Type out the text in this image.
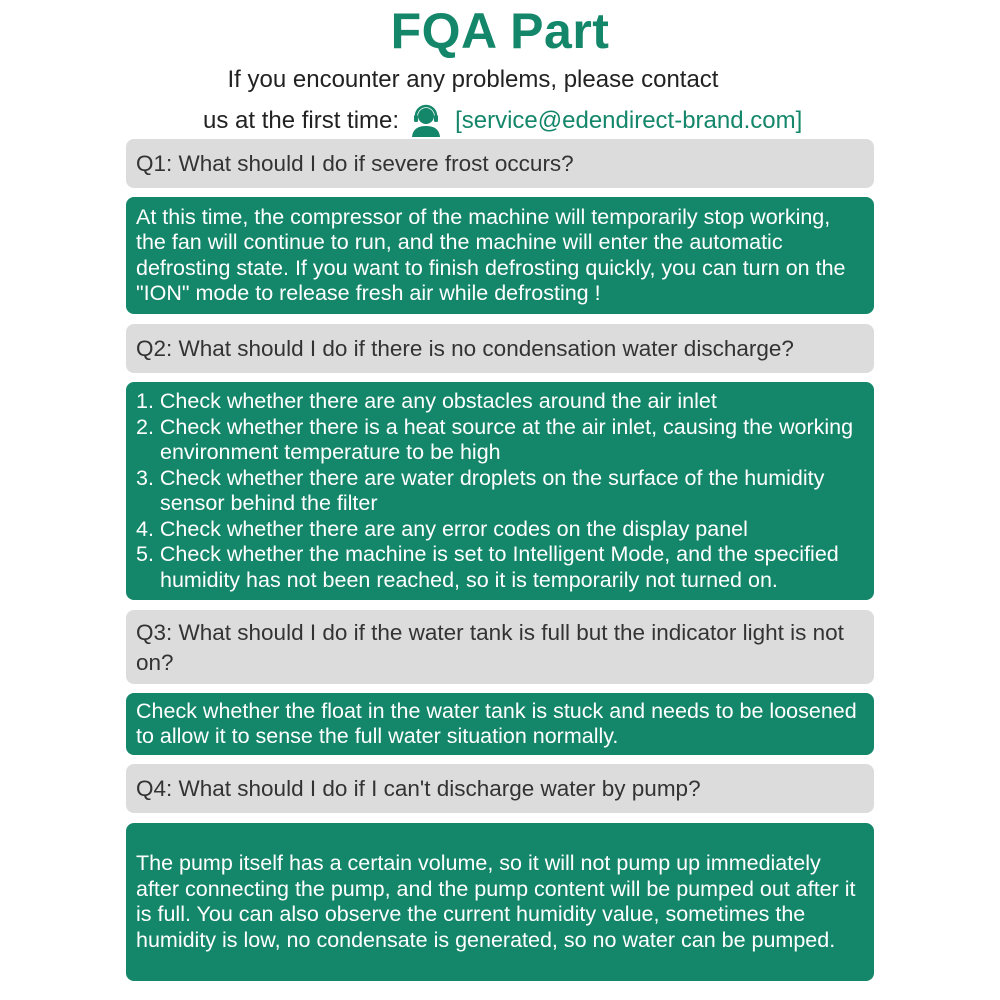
FQA Part
If you encounter any problems, please contact
us at the first time: [service@edendirect-brand.com]
Q1: What should I do if severe frost occurs?
At this time, the compressor of the machine will temporarily stop working, the fan will continue to run, and the machine will enter the automatic defrosting state. If you want to finish defrosting quickly, you can turn on the "ION" mode to release fresh air while defrosting !
Q2: What should I do if there is no condensation water discharge?
1. Check whether there are any obstacles around the air inlet
2. Check whether there is a heat source at the air inlet, causing the working environment temperature to be high
3. Check whether there are water droplets on the surface of the humidity sensor behind the filter
4. Check whether there are any error codes on the display panel
5. Check whether the machine is set to Intelligent Mode, and the specified humidity has not been reached, so it is temporarily not turned on.
Q3: What should I do if the water tank is full but the indicator light is not on?
Check whether the float in the water tank is stuck and needs to be loosened to allow it to sense the full water situation normally.
Q4: What should I do if I can't discharge water by pump?
The pump itself has a certain volume, so it will not pump up immediately after connecting the pump, and the pump content will be pumped out after it is full. You can also observe the current humidity value, sometimes the humidity is low, no condensate is generated, so no water can be pumped.
